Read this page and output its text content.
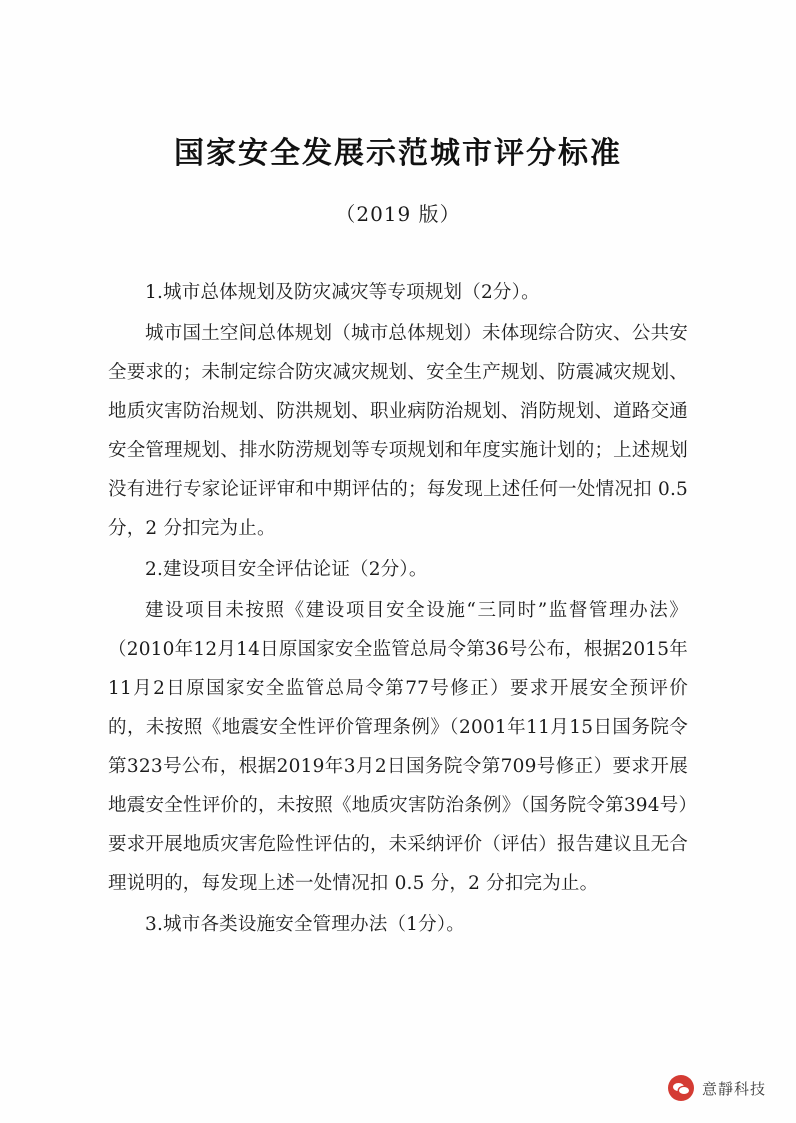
国家安全发展示范城市评分标准
（2019 版）

1.城市总体规划及防灾减灾等专项规划（2分）。

城市国土空间总体规划（城市总体规划）未体现综合防灾、公共安全要求的；未制定综合防灾减灾规划、安全生产规划、防震减灾规划、地质灾害防治规划、防洪规划、职业病防治规划、消防规划、道路交通安全管理规划、排水防涝规划等专项规划和年度实施计划的；上述规划没有进行专家论证评审和中期评估的；每发现上述任何一处情况扣 0.5 分，2 分扣完为止。

2.建设项目安全评估论证（2分）。

建设项目未按照《建设项目安全设施“三同时”监督管理办法》（2010年12月14日原国家安全监管总局令第36号公布，根据2015年11月2日原国家安全监管总局令第77号修正）要求开展安全预评价的，未按照《地震安全性评价管理条例》（2001年11月15日国务院令第323号公布，根据2019年3月2日国务院令第709号修正）要求开展地震安全性评价的，未按照《地质灾害防治条例》（国务院令第394号）要求开展地质灾害危险性评估的，未采纳评价（评估）报告建议且无合理说明的，每发现上述一处情况扣 0.5 分，2 分扣完为止。

3.城市各类设施安全管理办法（1分）。

意靜科技
